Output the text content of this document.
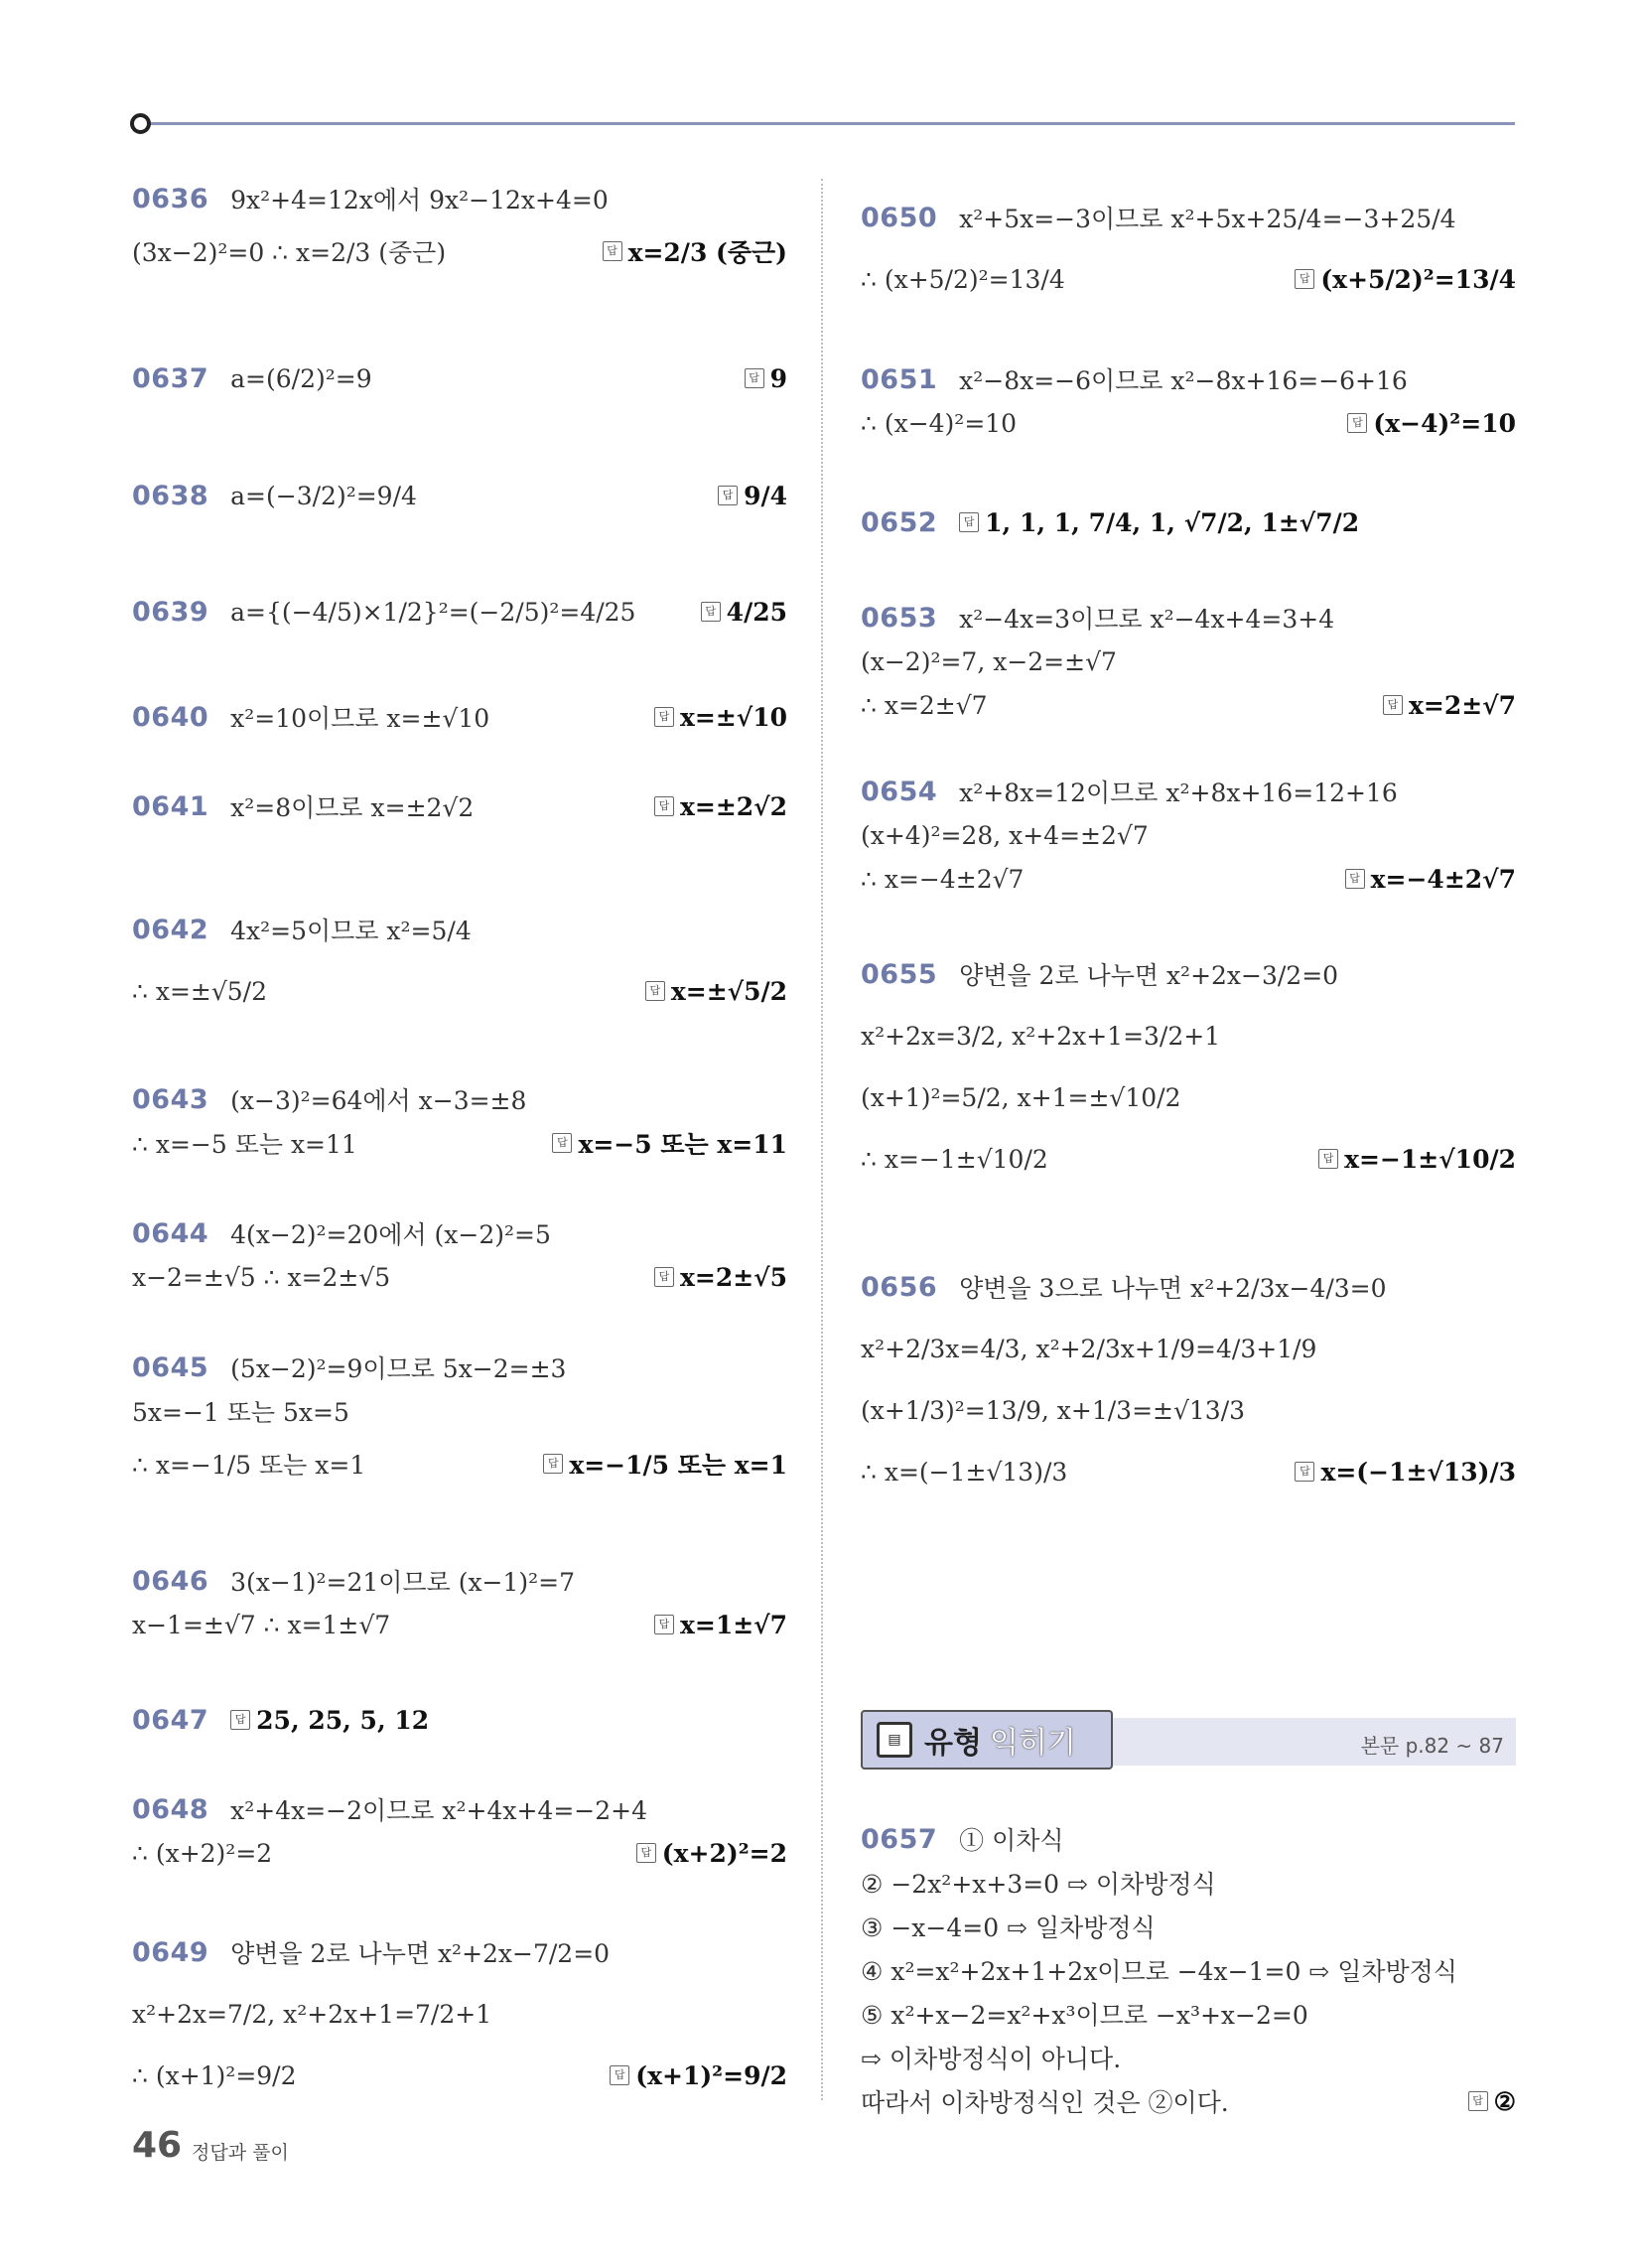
0636 9x²+4=12x에서 9x²−12x+4=0
(3x−2)²=0 ∴ x=2/3 (중근)	답 x=2/3 (중근)
0637 a=(6/2)²=9	답 9
0638 a=(−3/2)²=9/4	답 9/4
0639 a={(−4/5)×1/2}²=(−2/5)²=4/25	답 4/25
0640 x²=10이므로 x=±√10	답 x=±√10
0641 x²=8이므로 x=±2√2	답 x=±2√2
0642 4x²=5이므로 x²=5/4
∴ x=±√5/2	답 x=±√5/2
0643 (x−3)²=64에서 x−3=±8
∴ x=−5 또는 x=11	답 x=−5 또는 x=11
0644 4(x−2)²=20에서 (x−2)²=5
x−2=±√5 ∴ x=2±√5	답 x=2±√5
0645 (5x−2)²=9이므로 5x−2=±3
5x=−1 또는 5x=5
∴ x=−1/5 또는 x=1	답 x=−1/5 또는 x=1
0646 3(x−1)²=21이므로 (x−1)²=7
x−1=±√7 ∴ x=1±√7	답 x=1±√7
0647	답 25, 25, 5, 12
0648 x²+4x=−2이므로 x²+4x+4=−2+4
∴ (x+2)²=2	답 (x+2)²=2
0649 양변을 2로 나누면 x²+2x−7/2=0
x²+2x=7/2, x²+2x+1=7/2+1
∴ (x+1)²=9/2	답 (x+1)²=9/2
0650 x²+5x=−3이므로 x²+5x+25/4=−3+25/4
∴ (x+5/2)²=13/4	답 (x+5/2)²=13/4
0651 x²−8x=−6이므로 x²−8x+16=−6+16
∴ (x−4)²=10	답 (x−4)²=10
0652	답 1, 1, 1, 7/4, 1, √7/2, 1±√7/2
0653 x²−4x=3이므로 x²−4x+4=3+4
(x−2)²=7, x−2=±√7
∴ x=2±√7	답 x=2±√7
0654 x²+8x=12이므로 x²+8x+16=12+16
(x+4)²=28, x+4=±2√7
∴ x=−4±2√7	답 x=−4±2√7
0655 양변을 2로 나누면 x²+2x−3/2=0
x²+2x=3/2, x²+2x+1=3/2+1
(x+1)²=5/2, x+1=±√10/2
∴ x=−1±√10/2	답 x=−1±√10/2
0656 양변을 3으로 나누면 x²+2/3x−4/3=0
x²+2/3x=4/3, x²+2/3x+1/9=4/3+1/9
(x+1/3)²=13/9, x+1/3=±√13/3
∴ x=(−1±√13)/3	답 x=(−1±√13)/3
0657 ① 이차식
② −2x²+x+3=0 ⇨ 이차방정식
③ −x−4=0 ⇨ 일차방정식
④ x²=x²+2x+1+2x이므로 −4x−1=0 ⇨ 일차방정식
⑤ x²+x−2=x²+x³이므로 −x³+x−2=0
⇨ 이차방정식이 아니다.
따라서 이차방정식인 것은 ②이다.	답 ②
▤ 유형 익히기	본문 p.82 ~ 87
46 정답과 풀이
